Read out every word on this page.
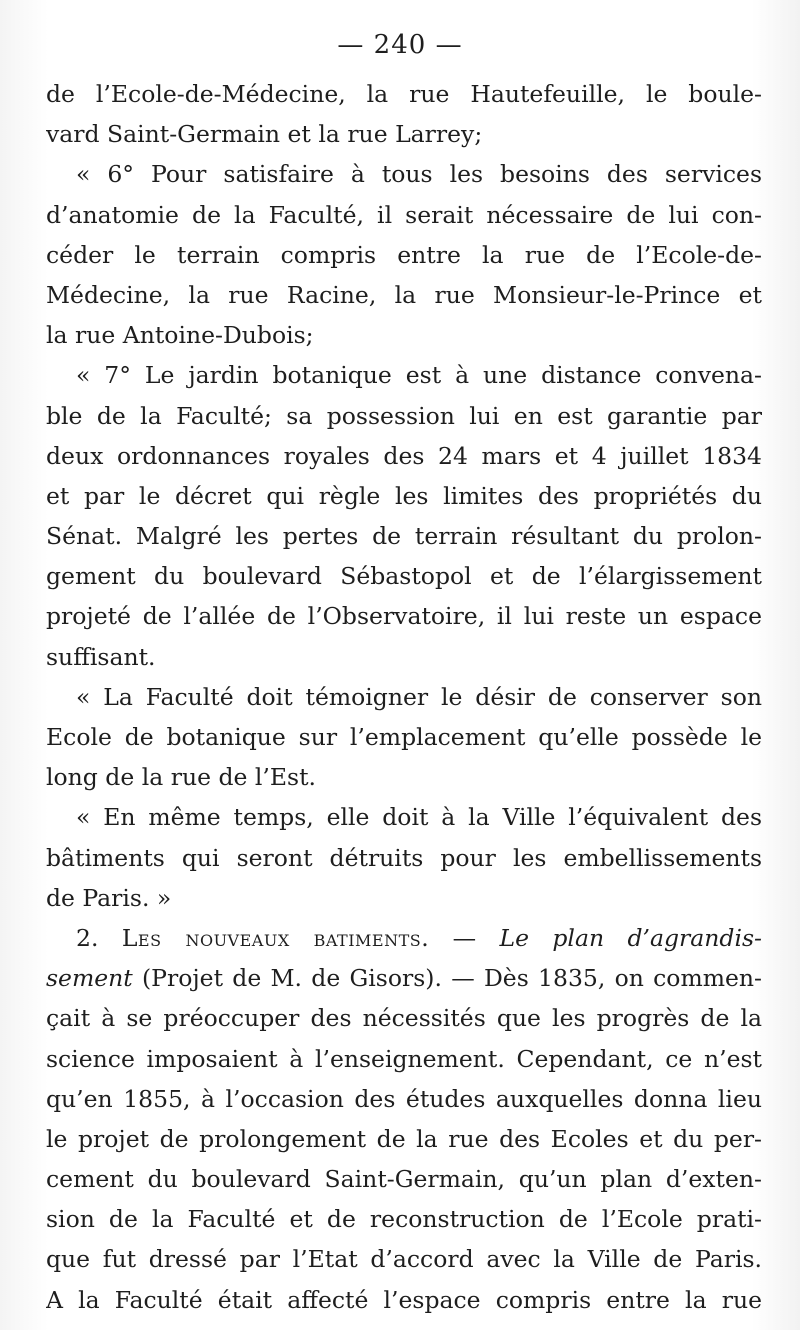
— 240 —
de l’Ecole-de-Médecine, la rue Hautefeuille, le boule-
vard Saint-Germain et la rue Larrey;
« 6° Pour satisfaire à tous les besoins des services
d’anatomie de la Faculté, il serait nécessaire de lui con-
céder le terrain compris entre la rue de l’Ecole-de-
Médecine, la rue Racine, la rue Monsieur-le-Prince et
la rue Antoine-Dubois;
« 7° Le jardin botanique est à une distance convena-
ble de la Faculté; sa possession lui en est garantie par
deux ordonnances royales des 24 mars et 4 juillet 1834
et par le décret qui règle les limites des propriétés du
Sénat. Malgré les pertes de terrain résultant du prolon-
gement du boulevard Sébastopol et de l’élargissement
projeté de l’allée de l’Observatoire, il lui reste un espace
suffisant.
« La Faculté doit témoigner le désir de conserver son
Ecole de botanique sur l’emplacement qu’elle possède le
long de la rue de l’Est.
« En même temps, elle doit à la Ville l’équivalent des
bâtiments qui seront détruits pour les embellissements
de Paris. »
2. Les nouveaux batiments. — Le plan d’agrandis-
sement (Projet de M. de Gisors). — Dès 1835, on commen-
çait à se préoccuper des nécessités que les progrès de la
science imposaient à l’enseignement. Cependant, ce n’est
qu’en 1855, à l’occasion des études auxquelles donna lieu
le projet de prolongement de la rue des Ecoles et du per-
cement du boulevard Saint-Germain, qu’un plan d’exten-
sion de la Faculté et de reconstruction de l’Ecole prati-
que fut dressé par l’Etat d’accord avec la Ville de Paris.
A la Faculté était affecté l’espace compris entre la rue
